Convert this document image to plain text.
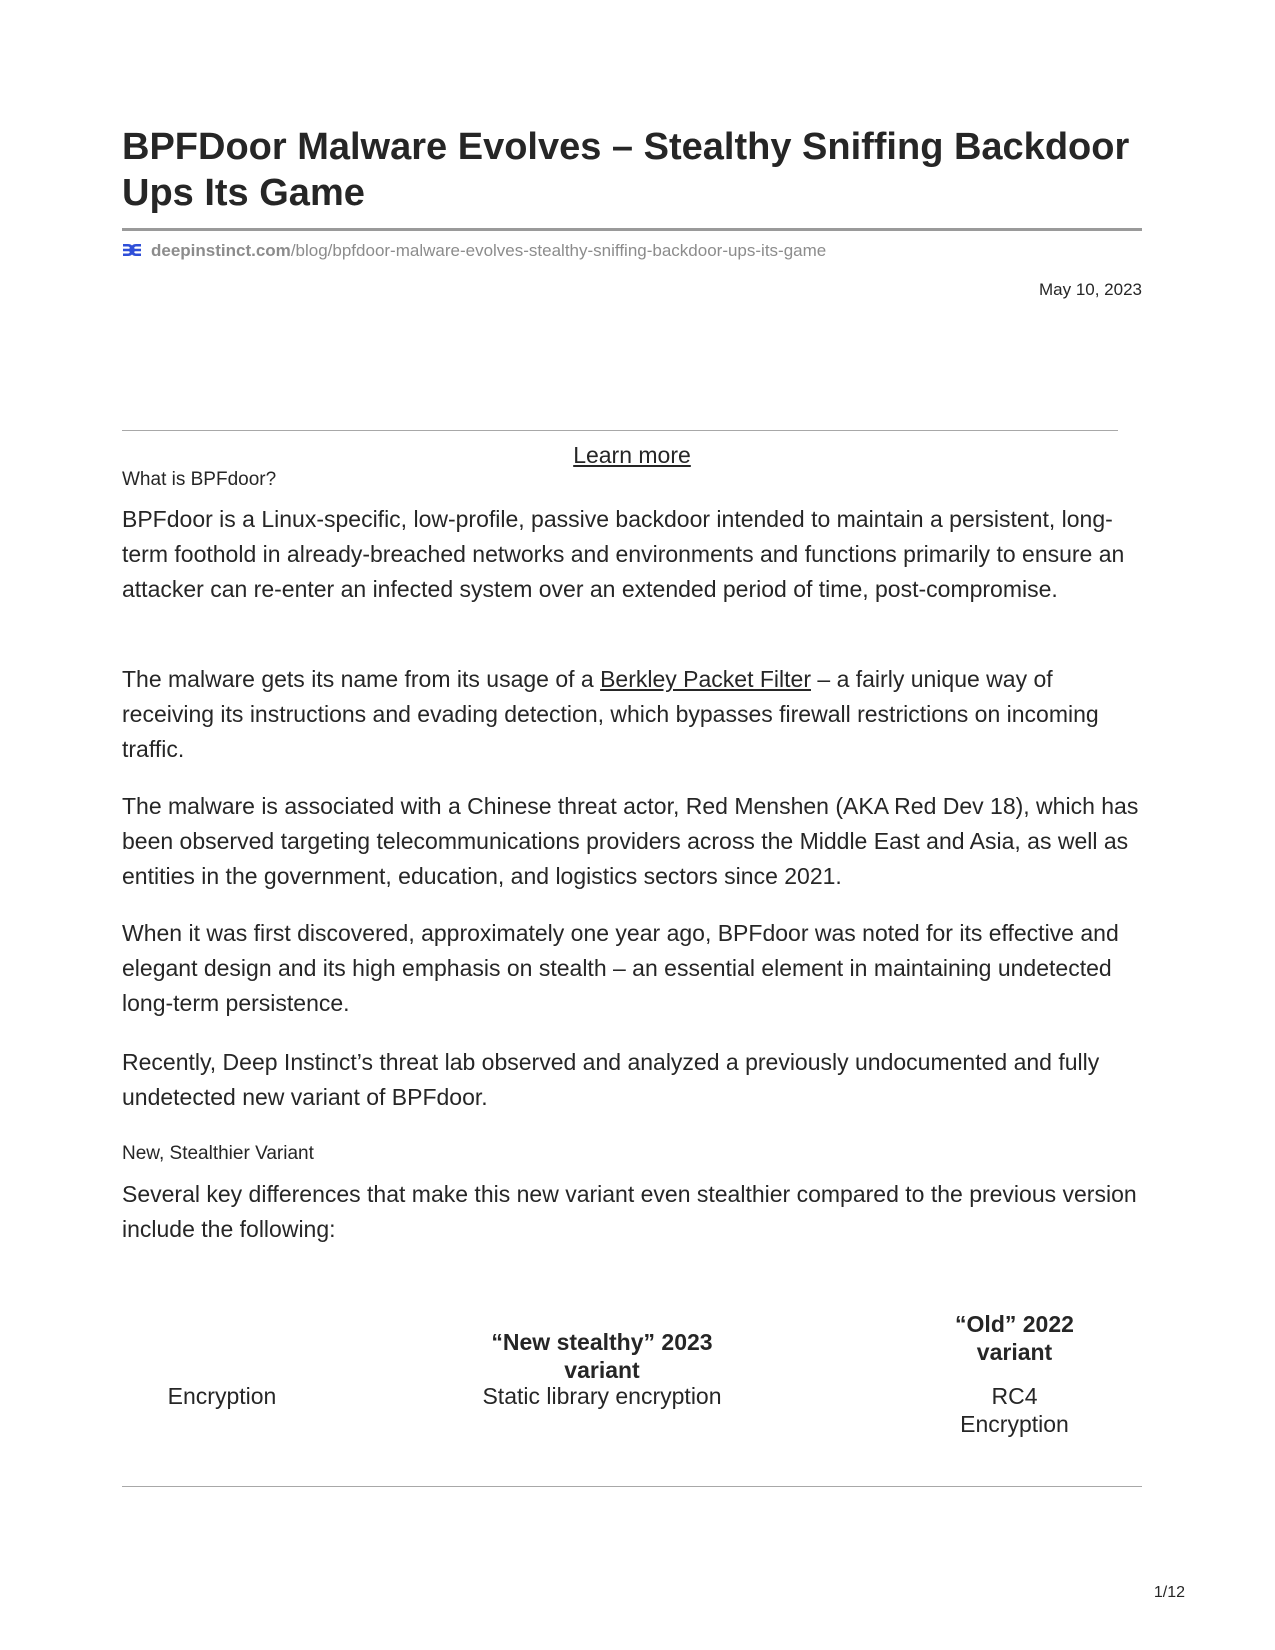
BPFDoor Malware Evolves – Stealthy Sniffing Backdoor Ups Its Game
deepinstinct.com/blog/bpfdoor-malware-evolves-stealthy-sniffing-backdoor-ups-its-game
May 10, 2023
Learn more

What is BPFdoor?

BPFdoor is a Linux-specific, low-profile, passive backdoor intended to maintain a persistent, long-term foothold in already-breached networks and environments and functions primarily to ensure an attacker can re-enter an infected system over an extended period of time, post-compromise.

The malware gets its name from its usage of a Berkley Packet Filter – a fairly unique way of receiving its instructions and evading detection, which bypasses firewall restrictions on incoming traffic.

The malware is associated with a Chinese threat actor, Red Menshen (AKA Red Dev 18), which has been observed targeting telecommunications providers across the Middle East and Asia, as well as entities in the government, education, and logistics sectors since 2021.

When it was first discovered, approximately one year ago, BPFdoor was noted for its effective and elegant design and its high emphasis on stealth – an essential element in maintaining undetected long-term persistence.

Recently, Deep Instinct’s threat lab observed and analyzed a previously undocumented and fully undetected new variant of BPFdoor.

New, Stealthier Variant

Several key differences that make this new variant even stealthier compared to the previous version include the following:

“New stealthy” 2023 variant
“Old” 2022 variant
Encryption	Static library encryption	RC4 Encryption
1/12
